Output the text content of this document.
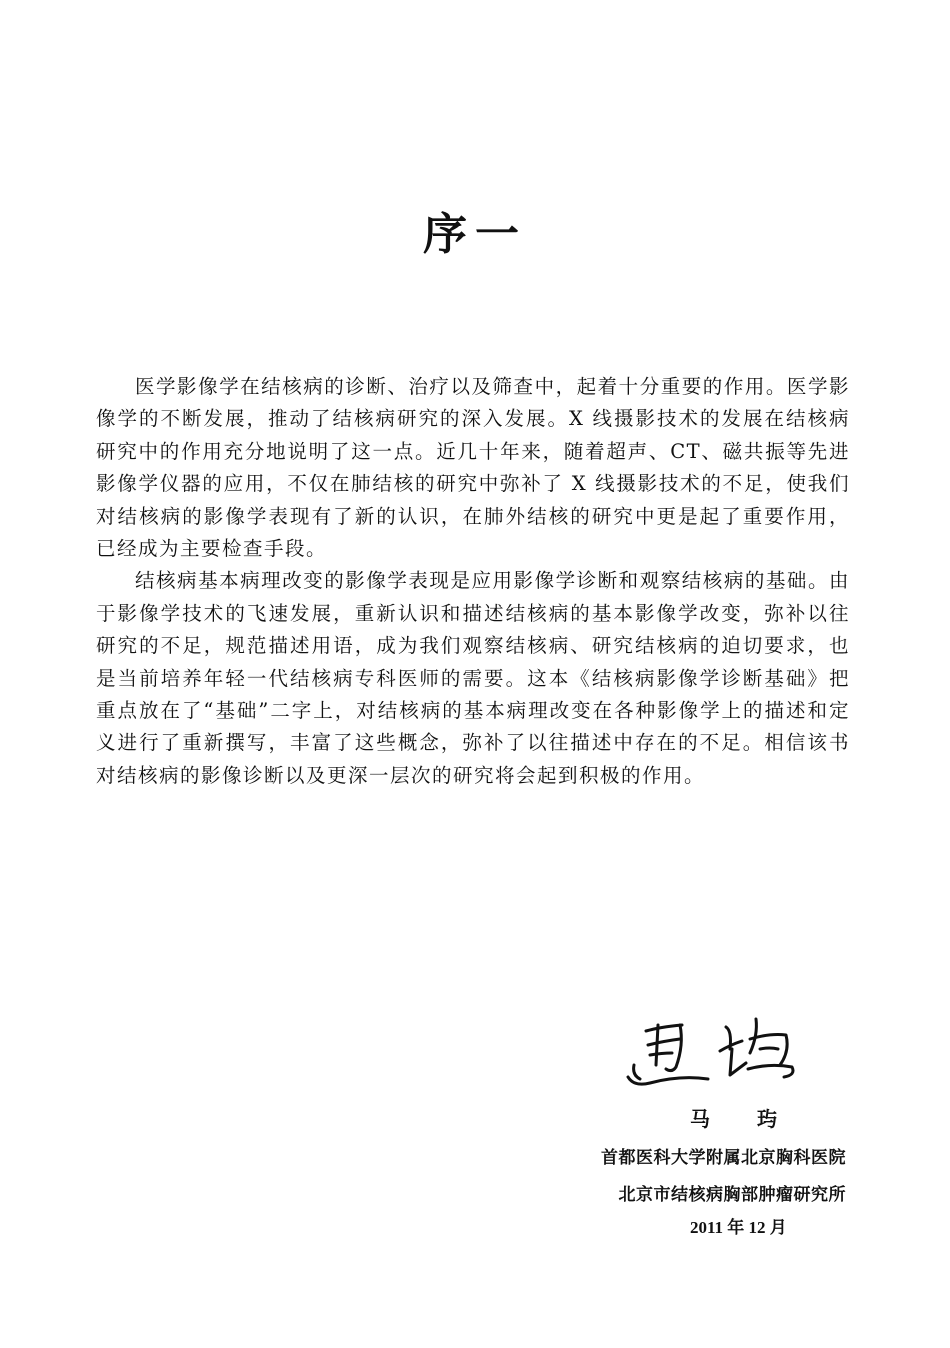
序一

医学影像学在结核病的诊断、治疗以及筛查中，起着十分重要的作用。医学影像学的不断发展，推动了结核病研究的深入发展。X 线摄影技术的发展在结核病研究中的作用充分地说明了这一点。近几十年来，随着超声、CT、磁共振等先进影像学仪器的应用，不仅在肺结核的研究中弥补了 X 线摄影技术的不足，使我们对结核病的影像学表现有了新的认识，在肺外结核的研究中更是起了重要作用，已经成为主要检查手段。

结核病基本病理改变的影像学表现是应用影像学诊断和观察结核病的基础。由于影像学技术的飞速发展，重新认识和描述结核病的基本影像学改变，弥补以往研究的不足，规范描述用语，成为我们观察结核病、研究结核病的迫切要求，也是当前培养年轻一代结核病专科医师的需要。这本《结核病影像学诊断基础》把重点放在了“基础”二字上，对结核病的基本病理改变在各种影像学上的描述和定义进行了重新撰写，丰富了这些概念，弥补了以往描述中存在的不足。相信该书对结核病的影像诊断以及更深一层次的研究将会起到积极的作用。

马 玙
首都医科大学附属北京胸科医院
北京市结核病胸部肿瘤研究所
2011 年 12 月
